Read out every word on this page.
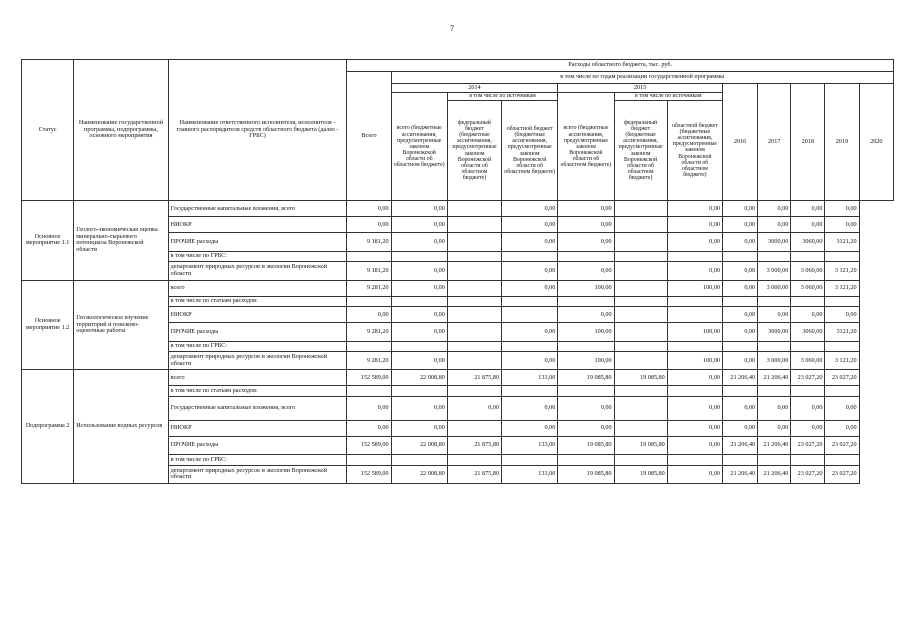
7
Статус	Наименование государственной программы, подпрограммы, основного мероприятия	Наименование ответственного исполнителя, исполнителя - главного распорядителя средств областного бюджета (далее - ГРБС)	Расходы областного бюджета, тыс. руб.											
			Всего	в том числе по годам реализации государственной программы										
				2014			2015			2016	2017	2018	2019	2020
				всего (бюджетные ассигнования, предусмотренные законом Воронежской области об областном бюджете)	в том числе по источникам		всего (бюджетные ассигнования, предусмотренные законом Воронежской области об областном бюджете)	в том числе по источникам						
					федеральный бюджет (бюджетные ассигнования, предусмотренные законом Воронежской области об областном бюджете)	областной бюджет (бюджетные ассигнования, предусмотренные законом Воронежской области об областном бюджете)		федеральный бюджет (бюджетные ассигнования, предусмотренные законом Воронежской области об областном бюджете)	областной бюджет (бюджетные ассигнования, предусмотренные законом Воронежской области об областном бюджете)					
Основное мероприятие 1.1	Геолого-экономическая оценка минерально-сырьевого потенциала Воронежской области	Государственные капитальные вложения, всего	0,00	0,00		0,00	0,00		0,00	0,00	0,00	0,00	0,00	
		НИОКР	0,00	0,00		0,00	0,00		0,00	0,00	0,00	0,00	0,00	
		ПРОЧИЕ расходы	9 181,20	0,00		0,00	0,00		0,00	0,00	3000,00	3060,00	3121,20	
		в том числе по ГРБС:												
		департамент природных ресурсов и экологии Воронежской области	9 181,20	0,00		0,00	0,00		0,00	0,00	3 000,00	3 060,00	3 121,20	
Основное мероприятие 1.2	Геоэкологическое изучение территорий и поисково-оценочные работы	всего	9 281,20	0,00		0,00	100,00		100,00	0,00	3 000,00	3 060,00	3 121,20	
		в том числе по статьям расходов:												
		НИОКР	0,00	0,00			0,00			0,00	0,00	0,00	0,00	
		ПРОЧИЕ расходы	9 281,20	0,00		0,00	100,00		100,00	0,00	3000,00	3060,00	3121,20	
		в том числе по ГРБС:												
		департамент природных ресурсов и экологии Воронежской области	9 281,20	0,00		0,00	100,00		100,00	0,00	3 000,00	3 060,00	3 121,20	
Подпрограмма 2	Использование водных ресурсов	всего	152 589,00	22 008,80	21 875,80	133,00	19 085,80	19 085,80	0,00	21 206,40	21 206,40	23 027,20	23 027,20	
		в том числе по статьям расходов:												
		Государственные капитальные вложения, всего	0,00	0,00	0,00	0,00	0,00		0,00	0,00	0,00	0,00	0,00	
		НИОКР	0,00	0,00		0,00	0,00		0,00	0,00	0,00	0,00	0,00	
		ПРОЧИЕ расходы	152 589,00	22 008,80	21 875,80	133,00	19 085,80	19 085,80	0,00	21 206,40	21 206,40	23 027,20	23 027,20	
		в том числе по ГРБС:												
		департамент природных ресурсов и экологии Воронежской области	152 589,00	22 008,80	21 875,80	133,00	19 085,80	19 085,80	0,00	21 206,40	21 206,40	23 027,20	23 027,20	
